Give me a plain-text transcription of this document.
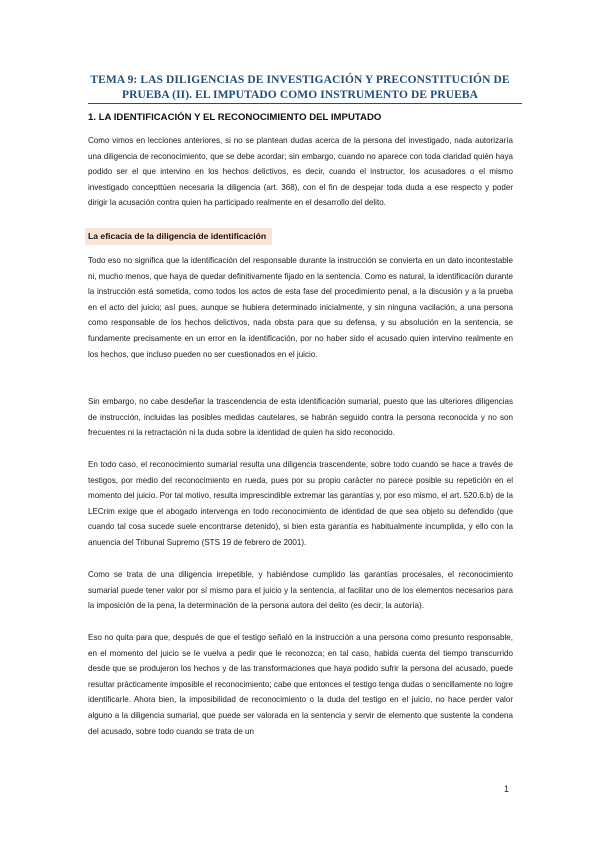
TEMA 9: LAS DILIGENCIAS DE INVESTIGACIÓN Y PRECONSTITUCIÓN DE PRUEBA (II). EL IMPUTADO COMO INSTRUMENTO DE PRUEBA
1. LA IDENTIFICACIÓN Y EL RECONOCIMIENTO DEL IMPUTADO
Como vimos en lecciones anteriores, si no se plantean dudas acerca de la persona del investigado, nada autorizaría una diligencia de reconocimiento, que se debe acordar; sin embargo, cuando no aparece con toda claridad quién haya podido ser el que intervino en los hechos delictivos, es decir, cuando el instructor, los acusadores o el mismo investigado concepttúen necesaria la diligencia (art. 368), con el fin de despejar toda duda a ese respecto y poder dirigir la acusación contra quien ha participado realmente en el desarrollo del delito.
La eficacia de la diligencia de identificación
Todo eso no significa que la identificación del responsable durante la instrucción se convierta en un dato incontestable ni, mucho menos, que haya de quedar definitivamente fijado en la sentencia. Como es natural, la identificación durante la instrucción está sometida, como todos los actos de esta fase del procedimiento penal, a la discusión y a la prueba en el acto del juicio; así pues, aunque se hubiera determinado inicialmente, y sin ninguna vacilación, a una persona como responsable de los hechos delictivos, nada obsta para que su defensa, y su absolución en la sentencia, se fundamente precisamente en un error en la identificación, por no haber sido el acusado quien intervino realmente en los hechos, que incluso pueden no ser cuestionados en el juicio.
Sin embargo, no cabe desdeñar la trascendencia de esta identificación sumarial, puesto que las ulteriores diligencias de instrucción, incluidas las posibles medidas cautelares, se habrán seguido contra la persona reconocida y no son frecuentes ni la retractación ni la duda sobre la identidad de quien ha sido reconocido.
En todo caso, el reconocimiento sumarial resulta una diligencia trascendente, sobre todo cuando se hace a través de testigos, por medio del reconocimiento en rueda, pues por su propio carácter no parece posible su repetición en el momento del juicio. Por tal motivo, resulta imprescindible extremar las garantías y, por eso mismo, el art. 520.6.b) de la LECrim exige que el abogado intervenga en todo reconocimiento de identidad de que sea objeto su defendido (que cuando tal cosa sucede suele encontrarse detenido), si bien esta garantía es habitualmente incumplida, y ello con la anuencia del Tribunal Supremo (STS 19 de febrero de 2001).
Como se trata de una diligencia irrepetible, y habiéndose cumplido las garantías procesales, el reconocimiento sumarial puede tener valor por sí mismo para el juicio y la sentencia, al facilitar uno de los elementos necesarios para la imposición de la pena, la determinación de la persona autora del delito (es decir, la autoría).
Eso no quita para que, después de que el testigo señaló en la instrucción a una persona como presunto responsable, en el momento del juicio se le vuelva a pedir que le reconozca; en tal caso, habida cuenta del tiempo transcurrido desde que se produjeron los hechos y de las transformaciones que haya podido sufrir la persona del acusado, puede resultar prácticamente imposible el reconocimiento; cabe que entonces el testigo tenga dudas o sencillamente no logre identificarle. Ahora bien, la imposibilidad de reconocimiento o la duda del testigo en el juicio, no hace perder valor alguno a la diligencia sumarial, que puede ser valorada en la sentencia y servir de elemento que sustente la condena del acusado, sobre todo cuando se trata de un
1
